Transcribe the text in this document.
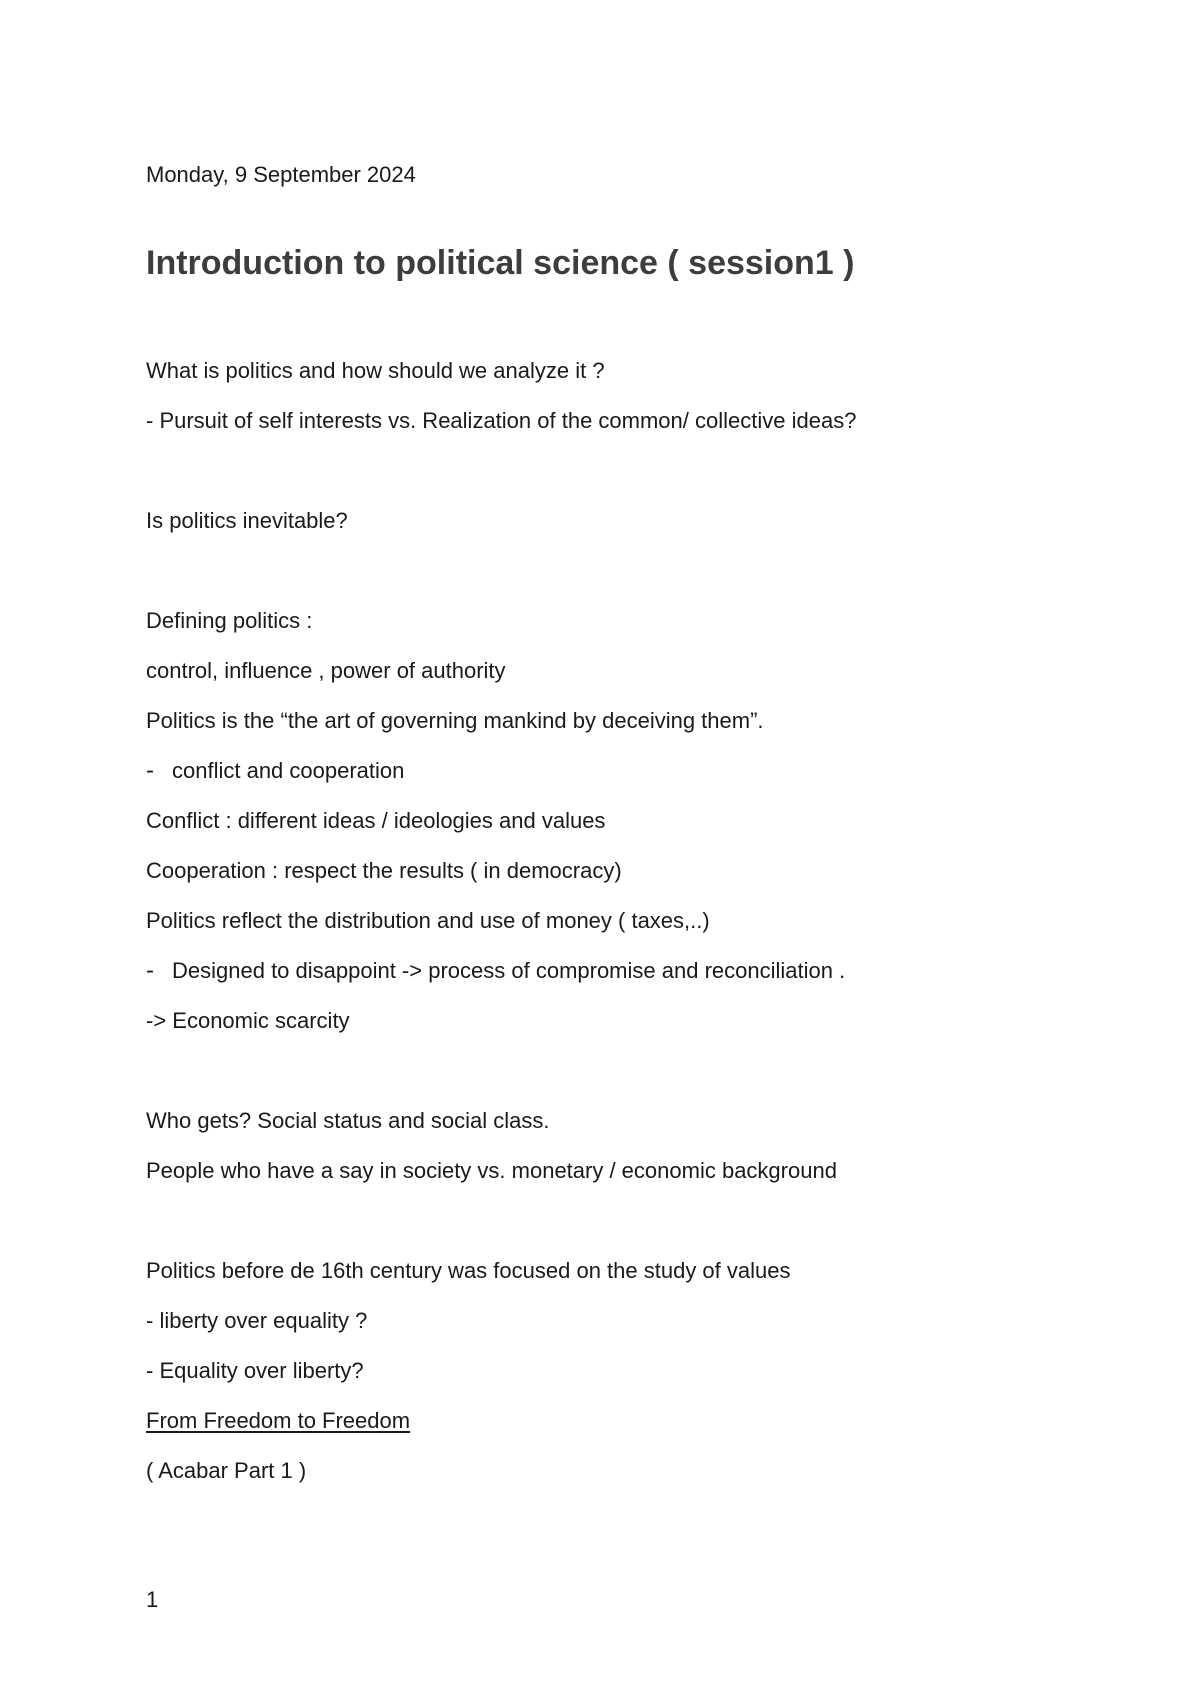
Monday, 9 September 2024
Introduction to political science ( session1 )
What is politics and how should we analyze it ?
- Pursuit of self interests vs. Realization of the common/ collective ideas?
Is politics inevitable?
Defining politics :
control, influence , power of authority
Politics is the “the art of governing mankind by deceiving them”.
- conflict and cooperation
Conflict : different ideas / ideologies and values
Cooperation : respect the results ( in democracy)
Politics reflect the distribution and use of money ( taxes,..)
- Designed to disappoint -> process of compromise and reconciliation .
-> Economic scarcity
Who gets? Social status and social class.
People who have a say in society vs. monetary / economic background
Politics before de 16th century was focused on the study of values
- liberty over equality ?
- Equality over liberty?
From Freedom to Freedom
( Acabar Part 1 )
1
